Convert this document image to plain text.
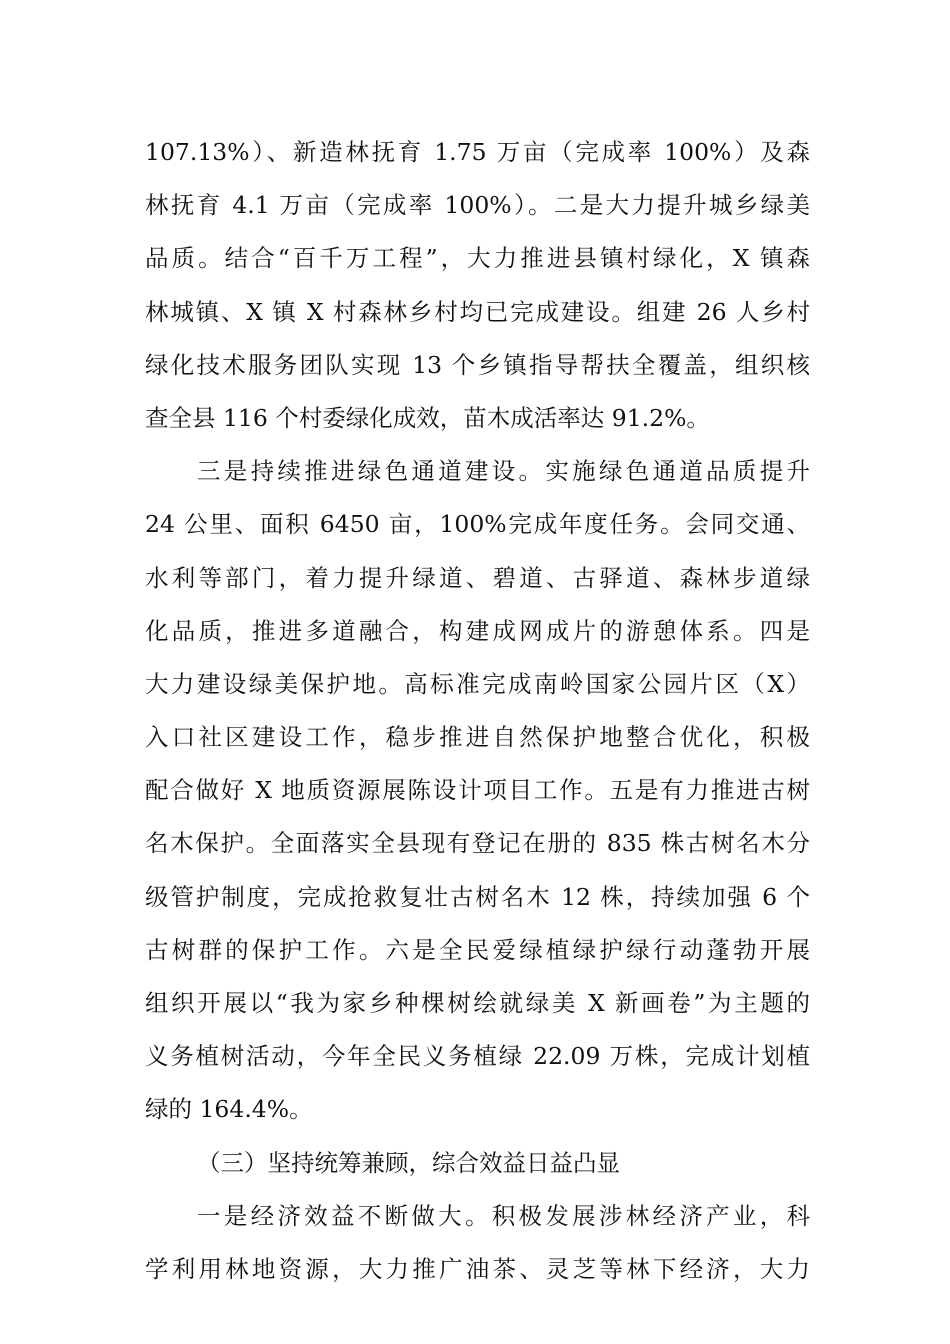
107.13%）、新造林抚育 1.75 万亩（完成率 100%）及森
林抚育 4.1 万亩（完成率 100%）。二是大力提升城乡绿美
品质。结合“百千万工程”，大力推进县镇村绿化，X 镇森
林城镇、X 镇 X 村森林乡村均已完成建设。组建 26 人乡村
绿化技术服务团队实现 13 个乡镇指导帮扶全覆盖，组织核
查全县 116 个村委绿化成效，苗木成活率达 91.2%。
三是持续推进绿色通道建设。实施绿色通道品质提升
24 公里、面积 6450 亩，100%完成年度任务。会同交通、
水利等部门，着力提升绿道、碧道、古驿道、森林步道绿
化品质，推进多道融合，构建成网成片的游憩体系。四是
大力建设绿美保护地。高标准完成南岭国家公园片区（X）
入口社区建设工作，稳步推进自然保护地整合优化，积极
配合做好 X 地质资源展陈设计项目工作。五是有力推进古树
名木保护。全面落实全县现有登记在册的 835 株古树名木分
级管护制度，完成抢救复壮古树名木 12 株，持续加强 6 个
古树群的保护工作。六是全民爱绿植绿护绿行动蓬勃开展
组织开展以“我为家乡种棵树绘就绿美 X 新画卷”为主题的
义务植树活动，今年全民义务植绿 22.09 万株，完成计划植
绿的 164.4%。
（三）坚持统筹兼顾，综合效益日益凸显
一是经济效益不断做大。积极发展涉林经济产业，科
学利用林地资源，大力推广油茶、灵芝等林下经济，大力
